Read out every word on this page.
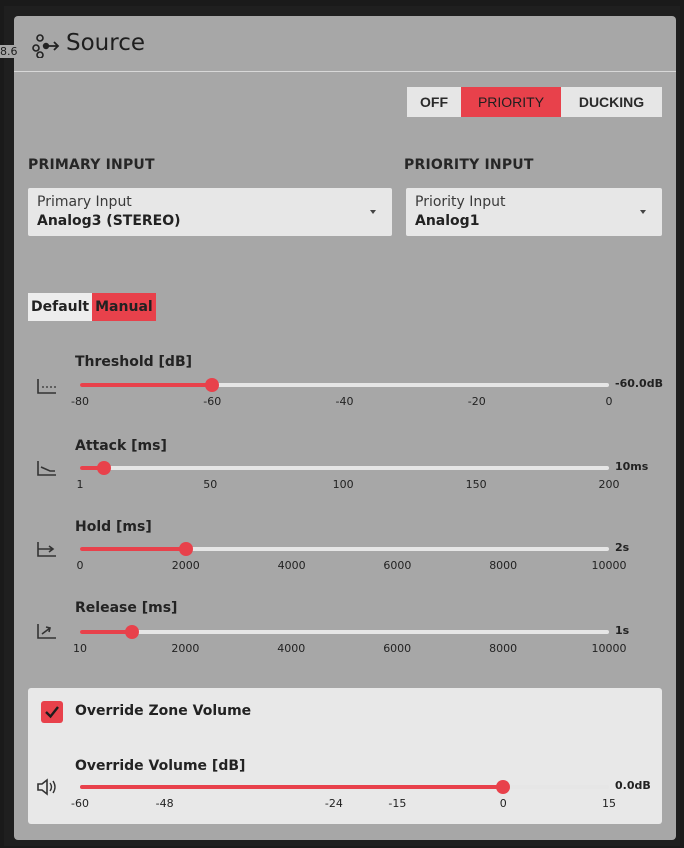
8.6 Source
OFF	PRIORITY	DUCKING
PRIMARY INPUT	PRIORITY INPUT
Primary Input
Analog3 (STEREO)
Priority Input
Analog1
Default Manual
Override Zone Volume
Threshold [dB]
-80	-60	-40	-20	0
-60.0dB
Attack [ms]
1	50	100	150	200
10ms
Hold [ms]
0	2000	4000	6000	8000	10000
2s
Release [ms]
10	2000	4000	6000	8000	10000
1s
Override Volume [dB]
-60	-48	-24	-15	0	15
0.0dB
